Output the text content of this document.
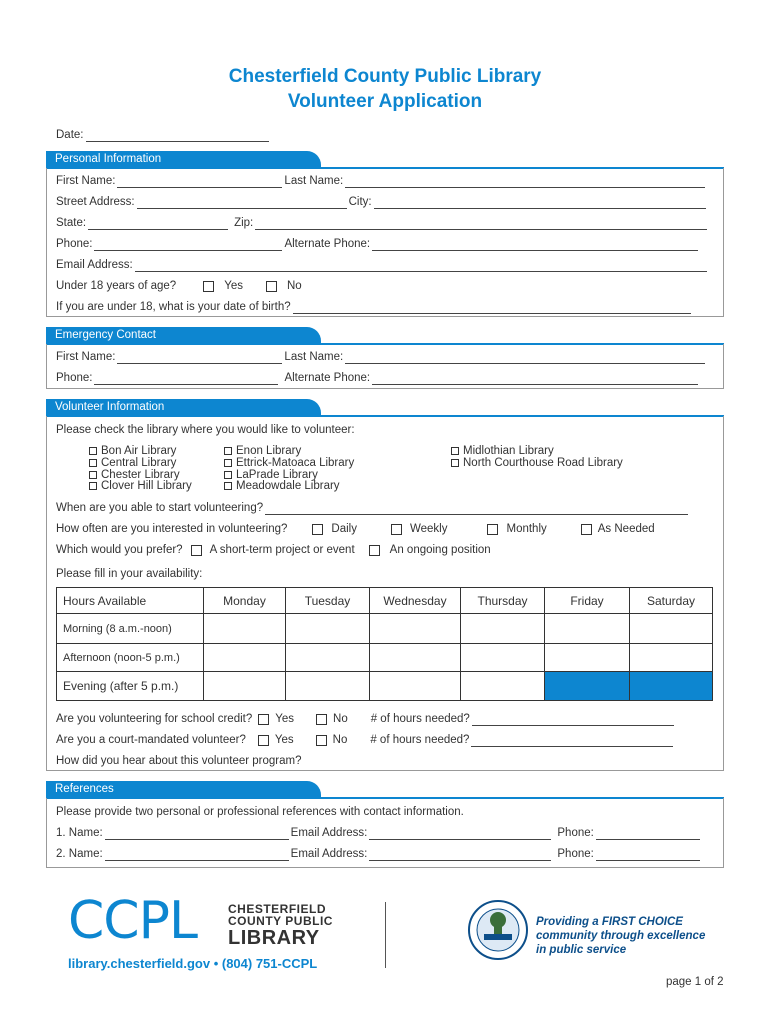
Chesterfield County Public Library
Volunteer Application
Date:
Personal Information
First Name:	Last Name:
Street Address:	City:
State:	Zip:
Phone:	Alternate Phone:
Email Address:
Under 18 years of age?	Yes	No
If you are under 18, what is your date of birth?
Emergency Contact
First Name:	Last Name:
Phone:	Alternate Phone:
Volunteer Information
Please check the library where you would like to volunteer:
Bon Air Library
Central Library
Chester Library
Clover Hill Library
Enon Library
Ettrick-Matoaca Library
LaPrade Library
Meadowdale Library
Midlothian Library
North Courthouse Road Library
When are you able to start volunteering?
How often are you interested in volunteering?	Daily	Weekly	Monthly	As Needed
Which would you prefer? A short-term project or event	An ongoing position
Please fill in your availability:
Hours Available	Monday	Tuesday	Wednesday	Thursday	Friday	Saturday
Morning (8 a.m.-noon)						
Afternoon (noon-5 p.m.)						
Evening (after 5 p.m.)						
Are you volunteering for school credit? Yes	No # of hours needed?
Are you a court-mandated volunteer?	Yes	No # of hours needed?
How did you hear about this volunteer program?
References
Please provide two personal or professional references with contact information.
1. Name:	Email Address:	Phone:
2. Name:	Email Address:	Phone:
CCPL	CHESTERFIELD
COUNTY PUBLIC
LIBRARY
library.chesterfield.gov • (804) 751-CCPL
Providing a FIRST CHOICE
community through excellence
in public service
page 1 of 2
